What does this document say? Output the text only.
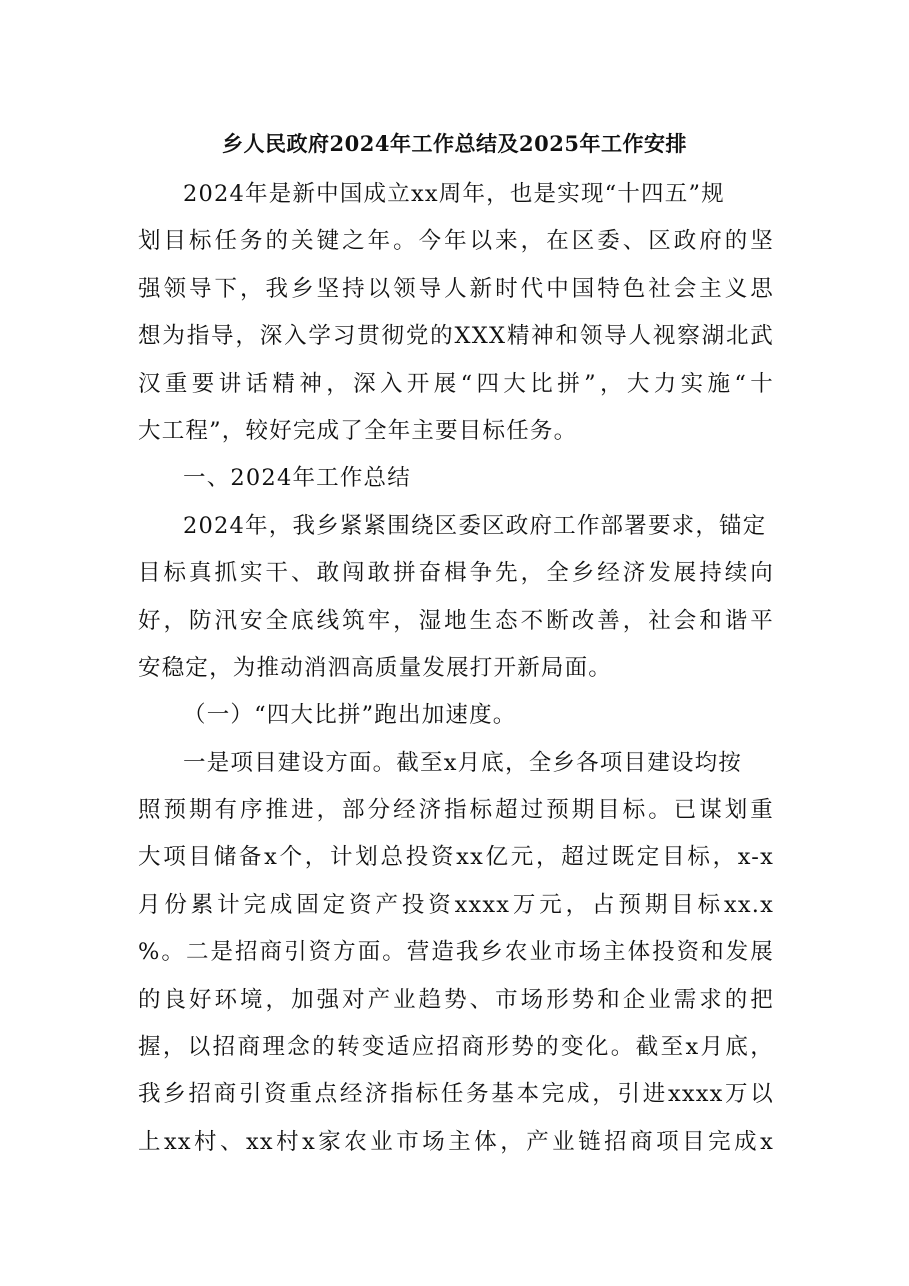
乡人民政府2024年工作总结及2025年工作安排
2024年是新中国成立xx周年，也是实现“十四五”规
划目标任务的关键之年。今年以来，在区委、区政府的坚
强领导下，我乡坚持以领导人新时代中国特色社会主义思
想为指导，深入学习贯彻党的XXX精神和领导人视察湖北武
汉重要讲话精神，深入开展“四大比拼”，大力实施“十
大工程”，较好完成了全年主要目标任务。
一、2024年工作总结
2024年，我乡紧紧围绕区委区政府工作部署要求，锚定
目标真抓实干、敢闯敢拼奋楫争先，全乡经济发展持续向
好，防汛安全底线筑牢，湿地生态不断改善，社会和谐平
安稳定，为推动消泗高质量发展打开新局面。
（一）“四大比拼”跑出加速度。
一是项目建设方面。截至x月底，全乡各项目建设均按
照预期有序推进，部分经济指标超过预期目标。已谋划重
大项目储备x个，计划总投资xx亿元，超过既定目标，x-x
月份累计完成固定资产投资xxxx万元，占预期目标xx.x
%。二是招商引资方面。营造我乡农业市场主体投资和发展
的良好环境，加强对产业趋势、市场形势和企业需求的把
握，以招商理念的转变适应招商形势的变化。截至x月底，
我乡招商引资重点经济指标任务基本完成，引进xxxx万以
上xx村、xx村x家农业市场主体，产业链招商项目完成x
